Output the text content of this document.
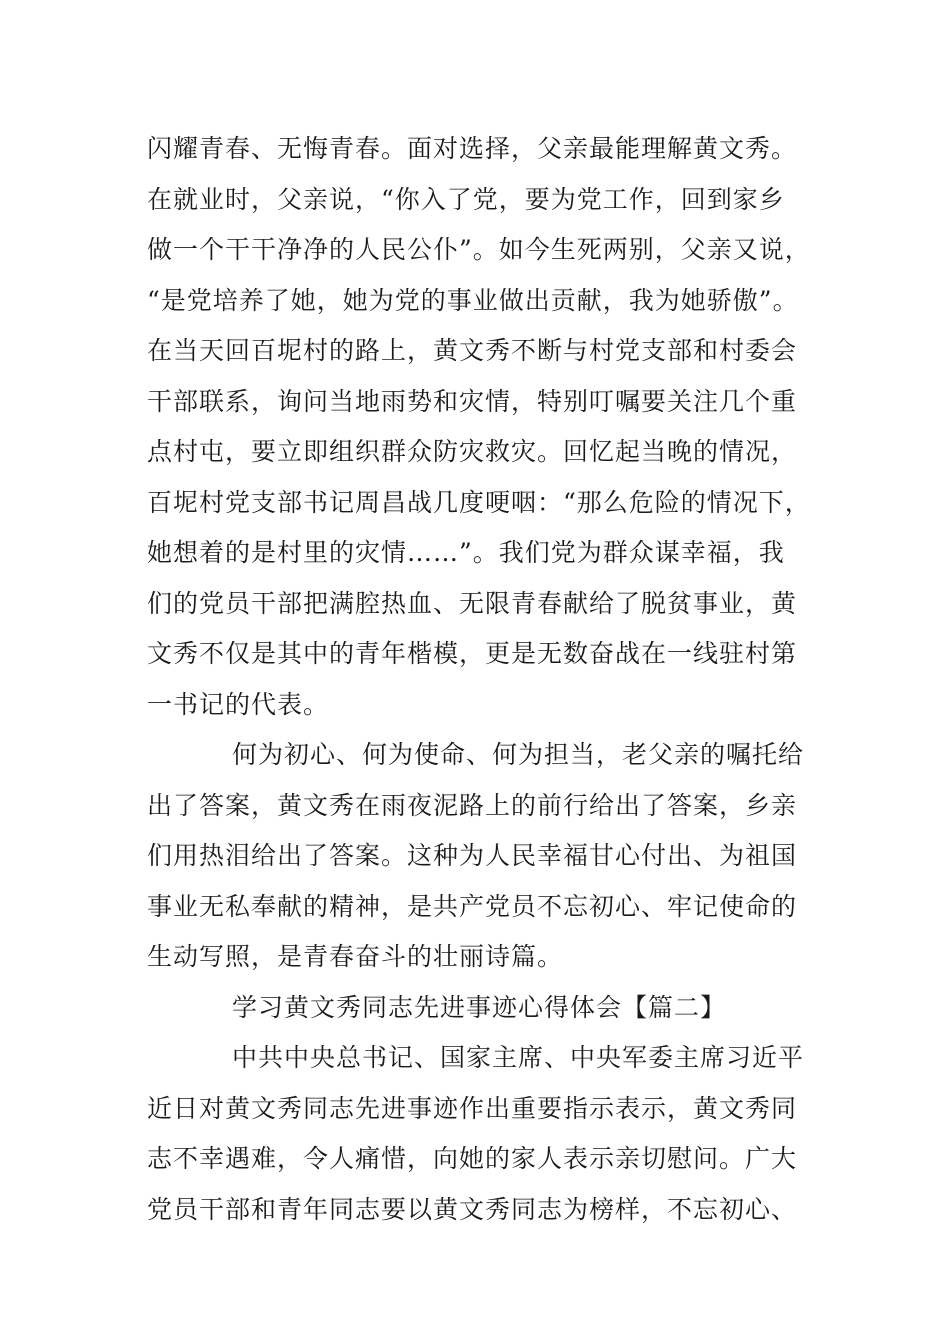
闪耀青春、无悔青春。面对选择，父亲最能理解黄文秀。
在就业时，父亲说，“你入了党，要为党工作，回到家乡
做一个干干净净的人民公仆”。如今生死两别，父亲又说，
“是党培养了她，她为党的事业做出贡献，我为她骄傲”。
在当天回百坭村的路上，黄文秀不断与村党支部和村委会
干部联系，询问当地雨势和灾情，特别叮嘱要关注几个重
点村屯，要立即组织群众防灾救灾。回忆起当晚的情况，
百坭村党支部书记周昌战几度哽咽：“那么危险的情况下，
她想着的是村里的灾情……”。我们党为群众谋幸福，我
们的党员干部把满腔热血、无限青春献给了脱贫事业，黄
文秀不仅是其中的青年楷模，更是无数奋战在一线驻村第
一书记的代表。
何为初心、何为使命、何为担当，老父亲的嘱托给
出了答案，黄文秀在雨夜泥路上的前行给出了答案，乡亲
们用热泪给出了答案。这种为人民幸福甘心付出、为祖国
事业无私奉献的精神，是共产党员不忘初心、牢记使命的
生动写照，是青春奋斗的壮丽诗篇。
学习黄文秀同志先进事迹心得体会【篇二】
中共中央总书记、国家主席、中央军委主席习近平
近日对黄文秀同志先进事迹作出重要指示表示，黄文秀同
志不幸遇难，令人痛惜，向她的家人表示亲切慰问。广大
党员干部和青年同志要以黄文秀同志为榜样，不忘初心、
